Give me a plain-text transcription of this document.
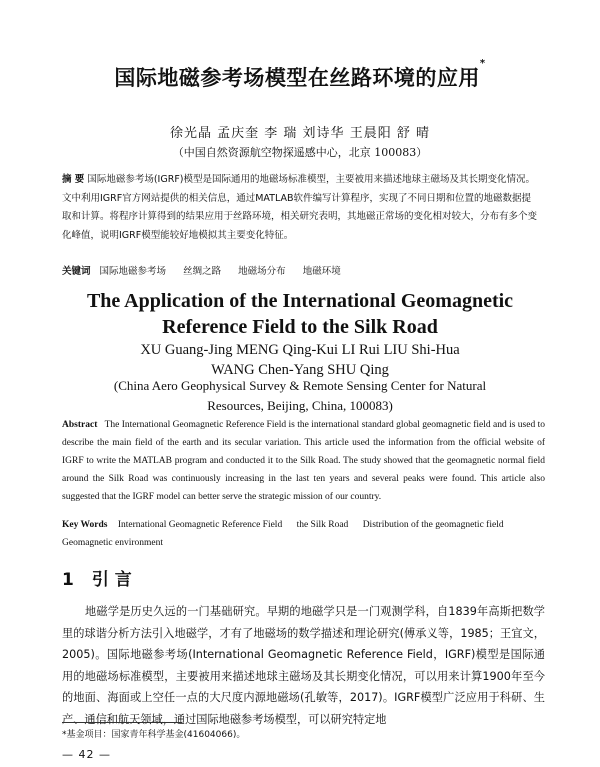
国际地磁参考场模型在丝路环境的应用*
徐光晶 孟庆奎 李 瑞 刘诗华 王晨阳 舒 晴
（中国自然资源航空物探遥感中心，北京 100083）
摘 要 国际地磁参考场(IGRF)模型是国际通用的地磁场标准模型，主要被用来描述地球主磁场及其长期变化情况。文中利用IGRF官方网站提供的相关信息，通过MATLAB软件编写计算程序，实现了不同日期和位置的地磁数据提取和计算。将程序计算得到的结果应用于丝路环境，相关研究表明，其地磁正常场的变化相对较大，分布有多个变化峰值，说明IGRF模型能较好地模拟其主要变化特征。
关键词 国际地磁参考场 丝绸之路 地磁场分布 地磁环境
The Application of the International Geomagnetic
Reference Field to the Silk Road
XU Guang-Jing MENG Qing-Kui LI Rui LIU Shi-Hua
WANG Chen-Yang SHU Qing
(China Aero Geophysical Survey & Remote Sensing Center for Natural Resources, Beijing, China, 100083)
Abstract The International Geomagnetic Reference Field is the international standard global geomagnetic field and is used to describe the main field of the earth and its secular variation. This article used the information from the official website of IGRF to write the MATLAB program and conducted it to the Silk Road. The study showed that the geomagnetic normal field around the Silk Road was continuously increasing in the last ten years and several peaks were found. This article also suggested that the IGRF model can better serve the strategic mission of our country.
Key Words International Geomagnetic Reference Field the Silk Road Distribution of the geomagnetic field Geomagnetic environment
1 引 言
地磁学是历史久远的一门基础研究。早期的地磁学只是一门观测学科，自1839年高斯把数学里的球谐分析方法引入地磁学，才有了地磁场的数学描述和理论研究(傅承义等，1985；王宜文，2005)。国际地磁参考场(International Geomagnetic Reference Field，IGRF)模型是国际通用的地磁场标准模型，主要被用来描述地球主磁场及其长期变化情况，可以用来计算1900年至今的地面、海面或上空任一点的大尺度内源地磁场(孔敏等，2017)。IGRF模型广泛应用于科研、生产、通信和航天领域，通过国际地磁参考场模型，可以研究特定地
*基金项目：国家青年科学基金(41604066)。
— 42 —
